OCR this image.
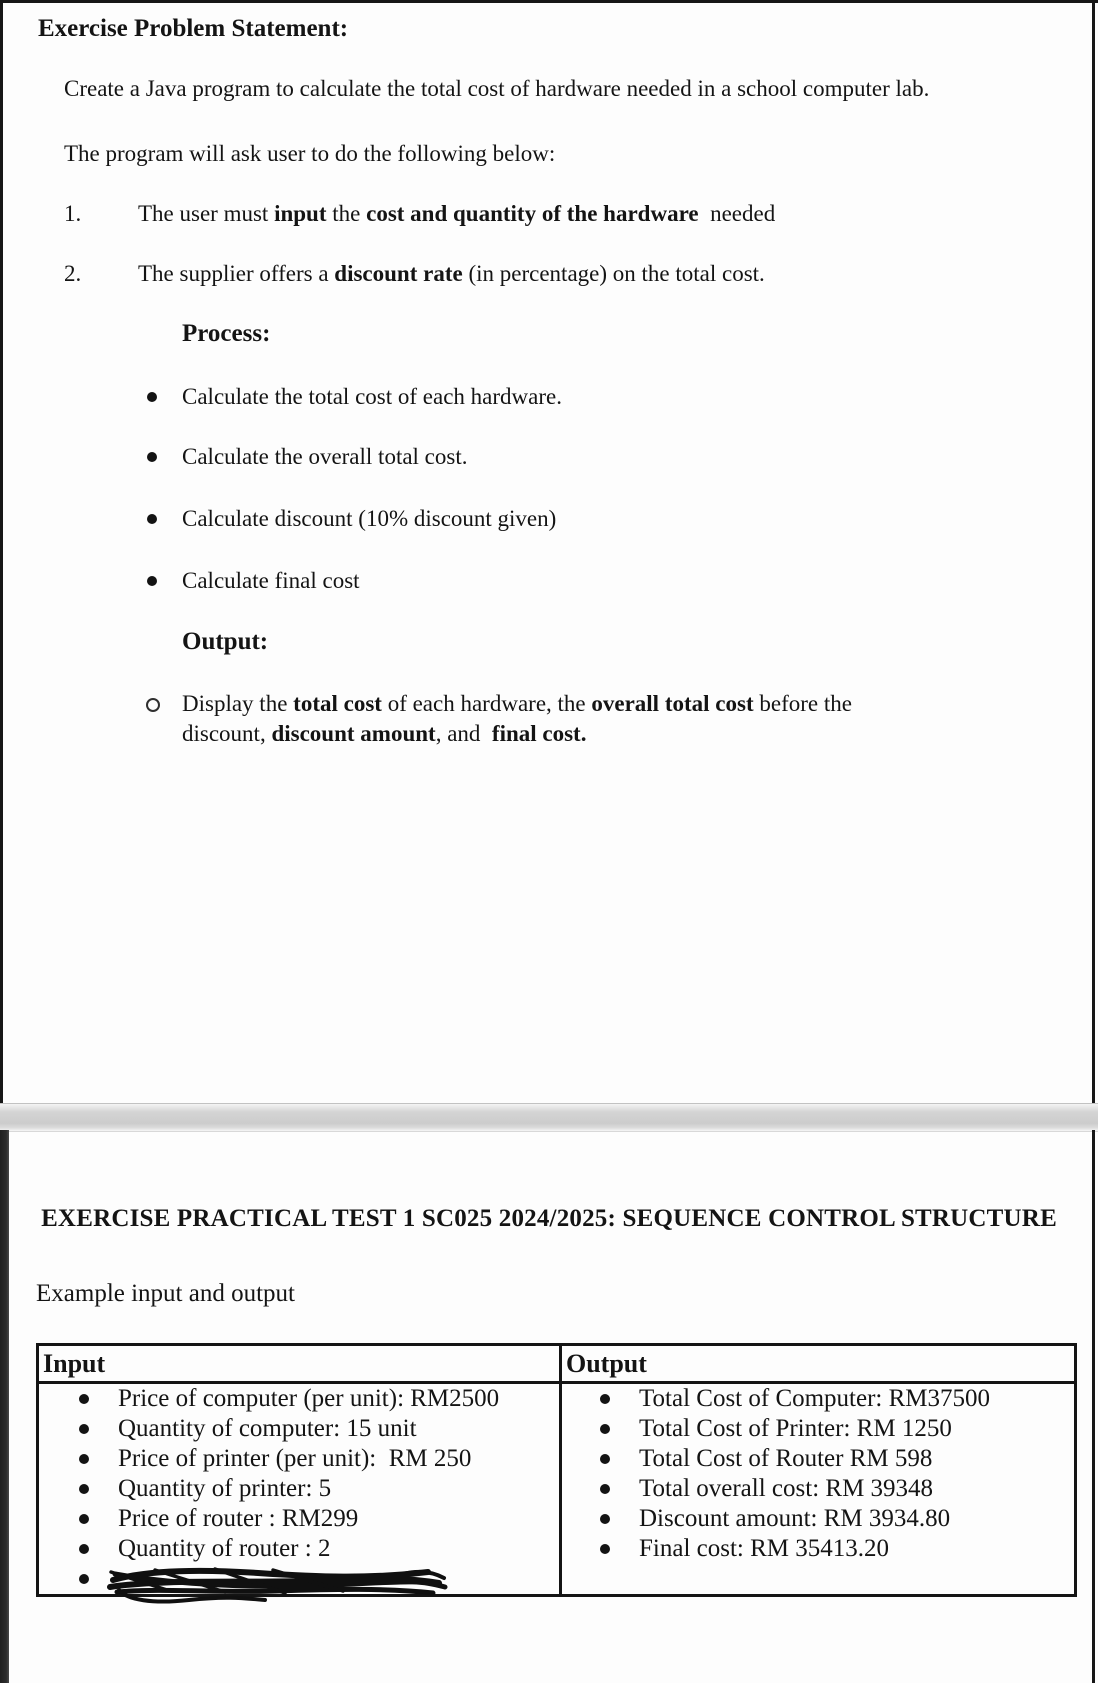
Exercise Problem Statement:
Create a Java program to calculate the total cost of hardware needed in a school computer lab.
The program will ask user to do the following below:
1. The user must input the cost and quantity of the hardware  needed
2. The supplier offers a discount rate (in percentage) on the total cost.
Process:
Calculate the total cost of each hardware.
Calculate the overall total cost.
Calculate discount (10% discount given)
Calculate final cost
Output:
Display the total cost of each hardware, the overall total cost before the
discount, discount amount, and  final cost.
EXERCISE PRACTICAL TEST 1 SC025 2024/2025: SEQUENCE CONTROL STRUCTURE
Example input and output
Input	Output
Price of computer (per unit): RM2500
Quantity of computer: 15 unit
Price of printer (per unit):  RM 250
Quantity of printer: 5
Price of router : RM299
Quantity of router : 2
Total Cost of Computer: RM37500
Total Cost of Printer: RM 1250
Total Cost of Router RM 598
Total overall cost: RM 39348
Discount amount: RM 3934.80
Final cost: RM 35413.20
